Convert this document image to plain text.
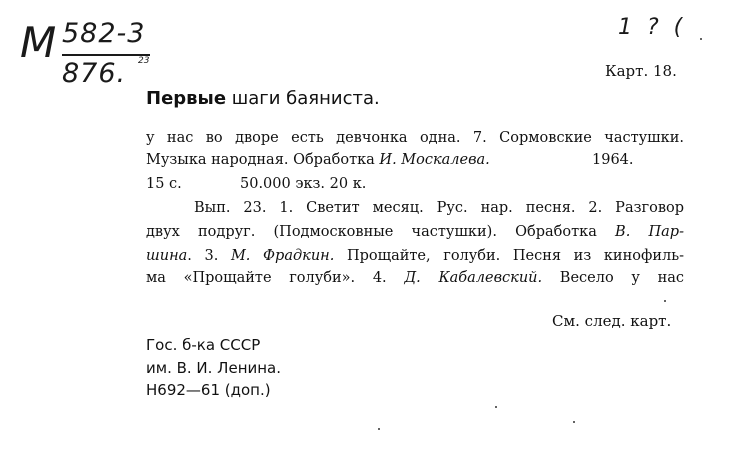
М 582-3
876. 23
1 ? (
Карт. 18.
Первые шаги баяниста.
у нас во дворе есть девчонка одна. 7. Сормовские частушки.
Музыка народная. Обработка И. Москалева.	1964.
15 с.	50.000 экз. 20 к.
Вып. 23. 1. Светит месяц. Рус. нар. песня. 2. Разговор
двух подруг. (Подмосковные частушки). Обработка В. Пар-
шина. 3. М. Фрадкин. Прощайте, голуби. Песня из кинофиль-
ма «Прощайте голуби». 4. Д. Кабалевский. Весело у нас
См. след. карт.
Гос. б-ка СССР
им. В. И. Ленина.
Н692—61 (доп.)
